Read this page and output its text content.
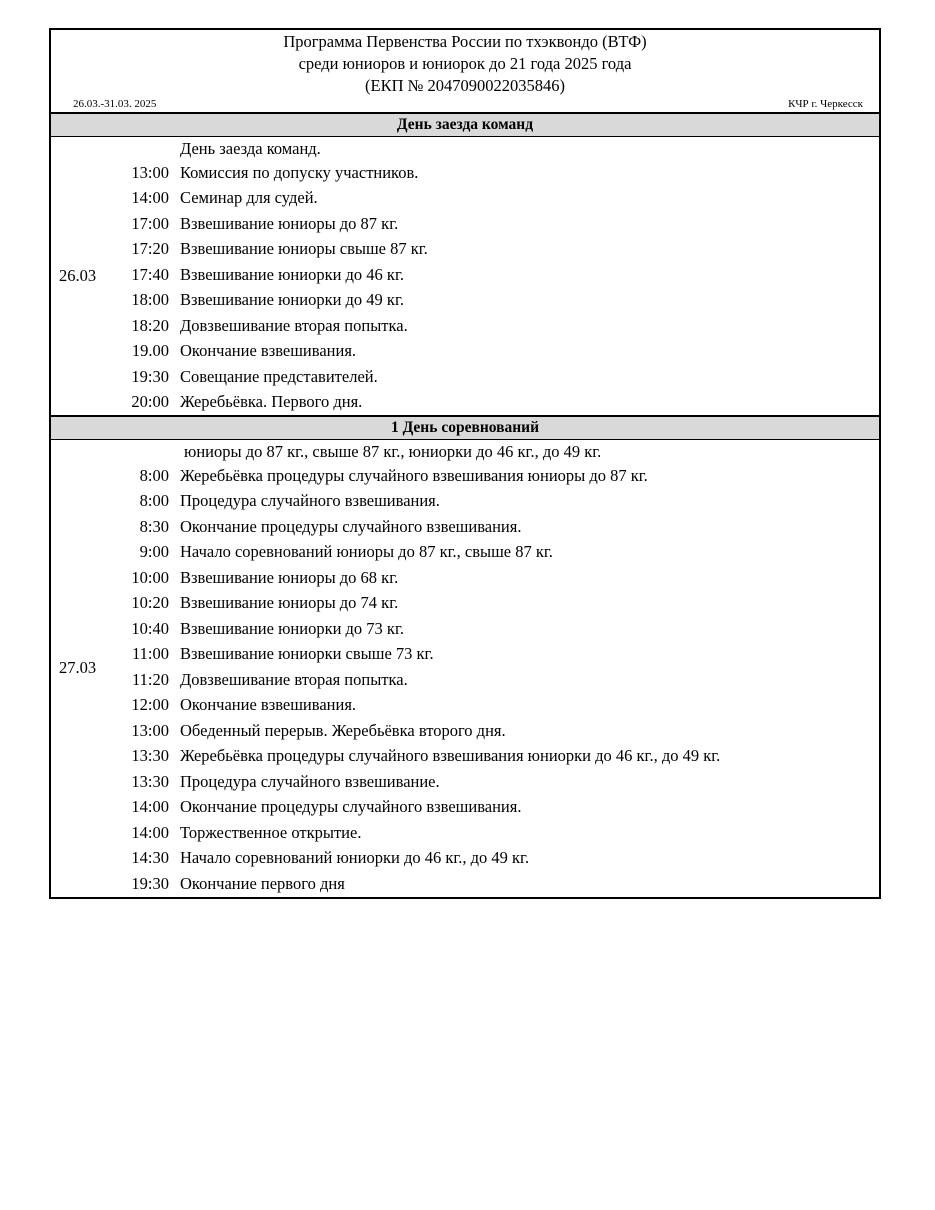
Программа Первенства России по тхэквондо (ВТФ)
среди юниоров и юниорок до 21 года 2025 года
(ЕКП № 2047090022035846)
26.03.-31.03. 2025	КЧР г. Черкесск
День заезда команд
26.03
День заезда команд.
13:00 Комиссия по допуску участников.
14:00 Семинар для судей.
17:00 Взвешивание юниоры до 87 кг.
17:20 Взвешивание юниоры свыше 87 кг.
17:40 Взвешивание юниорки до 46 кг.
18:00 Взвешивание юниорки до 49 кг.
18:20 Довзвешивание вторая попытка.
19.00 Окончание взвешивания.
19:30 Совещание представителей.
20:00 Жеребьёвка. Первого дня.
1 День соревнований
27.03
юниоры до 87 кг., свыше 87 кг., юниорки до 46 кг., до 49 кг.
8:00 Жеребьёвка процедуры случайного взвешивания юниоры до 87 кг.
8:00 Процедура случайного взвешивания.
8:30 Окончание процедуры случайного взвешивания.
9:00 Начало соревнований юниоры до 87 кг., свыше 87 кг.
10:00 Взвешивание юниоры до 68 кг.
10:20 Взвешивание юниоры до 74 кг.
10:40 Взвешивание юниорки до 73 кг.
11:00 Взвешивание юниорки свыше 73 кг.
11:20 Довзвешивание вторая попытка.
12:00 Окончание взвешивания.
13:00 Обеденный перерыв. Жеребьёвка второго дня.
13:30 Жеребьёвка процедуры случайного взвешивания юниорки до 46 кг., до 49 кг.
13:30 Процедура случайного взвешивание.
14:00 Окончание процедуры случайного взвешивания.
14:00 Торжественное открытие.
14:30 Начало соревнований юниорки до 46 кг., до 49 кг.
19:30 Окончание первого дня
